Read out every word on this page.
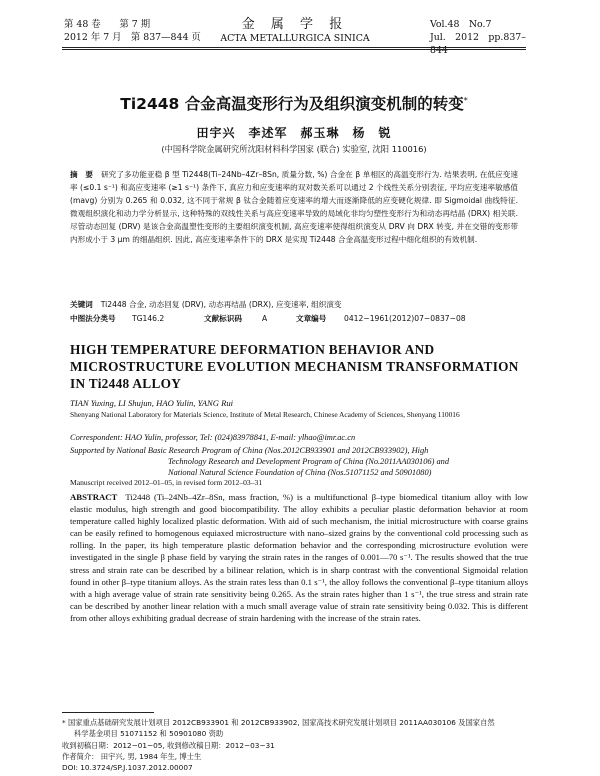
第 48 卷　　第 7 期
2012 年 7 月　第 837—844 页
金 属 学 报
ACTA METALLURGICA SINICA
Vol.48　No.7
Jul.　2012　pp.837–844
Ti2448 合金高温变形行为及组织演变机制的转变*
田宇兴　李述军　郝玉琳　杨　锐
(中国科学院金属研究所沈阳材料科学国家 (联合) 实验室, 沈阳 110016)
摘　要 研究了多功能亚稳 β 型 Ti2448(Ti–24Nb–4Zr–8Sn, 质量分数, %) 合金在 β 单相区的高温变形行为. 结果表明, 在低应变速率 (≤0.1 s⁻¹) 和高应变速率 (≥1 s⁻¹) 条件下, 真应力和应变速率的双对数关系可以通过 2 个线性关系分别表征, 平均应变速率敏感值 (mavg) 分别为 0.265 和 0.032, 这不同于常规 β 钛合金随着应变速率的增大而逐渐降低的应变硬化规律. 即 Sigmoidal 曲线特征. 微观组织演化和动力学分析显示, 这种特殊的双线性关系与高应变速率导致的局域化非均匀塑性变形行为和动态再结晶 (DRX) 相关联. 尽管动态回复 (DRV) 是该合金高温塑性变形的主要组织演变机制, 高应变速率使得组织演变从 DRV 向 DRX 转变, 并在交错的变形带内形成小于 3 μm 的细晶组织. 因此, 高应变速率条件下的 DRX 是实现 Ti2448 合金高温变形过程中细化组织的有效机制.
关键词 Ti2448 合金, 动态回复 (DRV), 动态再结晶 (DRX), 应变速率, 组织演变
中图法分类号 TG146.2	文献标识码	A	文章编号 0412−1961(2012)07−0837−08
HIGH TEMPERATURE DEFORMATION BEHAVIOR AND MICROSTRUCTURE EVOLUTION MECHANISM TRANSFORMATION IN Ti2448 ALLOY
TIAN Yuxing, LI Shujun, HAO Yulin, YANG Rui
Shenyang National Laboratory for Materials Science, Institute of Metal Research, Chinese Academy of Sciences, Shenyang 110016
Correspondent: HAO Yulin, professor, Tel: (024)83978841, E-mail: ylhao@imr.ac.cn
Supported by National Basic Research Program of China (Nos.2012CB933901 and 2012CB933902), High
Technology Research and Development Program of China (No.2011AA030106) and
National Natural Science Foundation of China (Nos.51071152 and 50901080)
Manuscript received 2012–01–05, in revised form 2012–03–31
ABSTRACT Ti2448 (Ti–24Nb–4Zr–8Sn, mass fraction, %) is a multifunctional β–type biomedical titanium alloy with low elastic modulus, high strength and good biocompatibility. The alloy exhibits a peculiar plastic deformation behavior at room temperature called highly localized plastic deformation. With aid of such mechanism, the initial microstructure with coarse grains can be easily refined to homogenous equiaxed microstructure with nano–sized grains by the conventional cold processing such as rolling. In the paper, its high temperature plastic deformation behavior and the corresponding microstructure evolution were investigated in the single β phase field by varying the strain rates in the ranges of 0.001—70 s⁻¹. The results showed that the true stress and strain rate can be described by a bilinear relation, which is in sharp contrast with the conventional Sigmoidal relation found in other β–type titanium alloys. As the strain rates less than 0.1 s⁻¹, the alloy follows the conventional β–type titanium alloys with a high average value of strain rate sensitivity being 0.265. As the strain rates higher than 1 s⁻¹, the true stress and strain rate can be described by another linear relation with a much small average value of strain rate sensitivity being 0.032. This is different from other alloys exhibiting gradual decrease of strain hardening with the increase of the strain rates.
* 国家重点基础研究发展计划项目 2012CB933901 和 2012CB933902, 国家高技术研究发展计划项目 2011AA030106 及国家自然
科学基金项目 51071152 和 50901080 资助
收到初稿日期：2012−01−05, 收到修改稿日期：2012−03−31
作者简介： 田宇兴, 男, 1984 年生, 博士生
DOI: 10.3724/SP.J.1037.2012.00007
